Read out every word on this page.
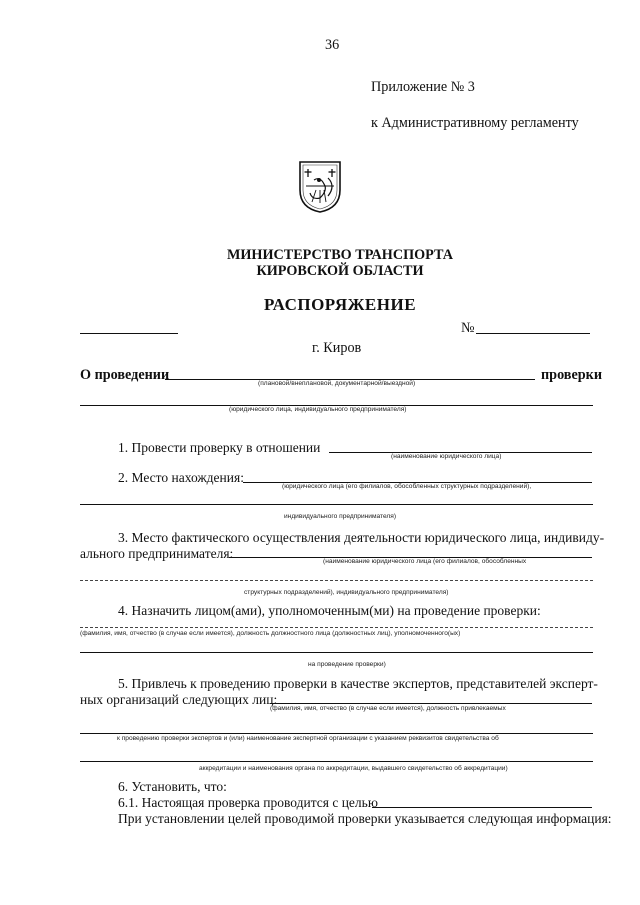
36
Приложение № 3
к Административному регламенту
МИНИСТЕРСТВО ТРАНСПОРТА
КИРОВСКОЙ ОБЛАСТИ
РАСПОРЯЖЕНИЕ
№
г. Киров
О проведении	проверки
(плановой/внеплановой, документарной/выездной)
(юридического лица, индивидуального предпринимателя)
1. Провести проверку в отношении
(наименование юридического лица)
2. Место нахождения:
(юридического лица (его филиалов, обособленных структурных подразделений),
индивидуального предпринимателя)
3. Место фактического осуществления деятельности юридического лица, индивиду-
ального предпринимателя:
(наименование юридического лица (его филиалов, обособленных
структурных подразделений), индивидуального предпринимателя)
4. Назначить лицом(ами), уполномоченным(ми) на проведение проверки:
(фамилия, имя, отчество (в случае если имеется), должность должностного лица (должностных лиц), уполномоченного(ых)
на проведение проверки)
5. Привлечь к проведению проверки в качестве экспертов, представителей эксперт-
ных организаций следующих лиц:
(фамилия, имя, отчество (в случае если имеется), должность привлекаемых
к проведению проверки экспертов и (или) наименование экспертной организации с указанием реквизитов свидетельства об
аккредитации и наименования органа по аккредитации, выдавшего свидетельство об аккредитации)
6. Установить, что:
6.1. Настоящая проверка проводится с целью
При установлении целей проводимой проверки указывается следующая информация:
